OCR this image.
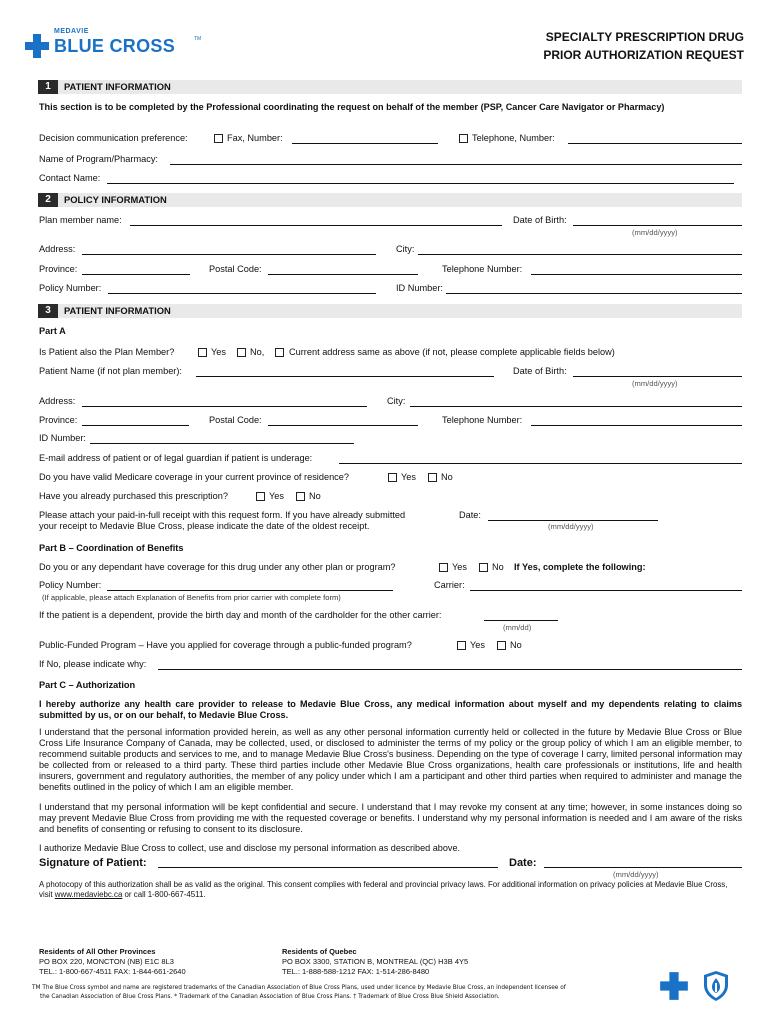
MEDAVIE
BLUE CROSS	TM	SPECIALTY PRESCRIPTION DRUG
PRIOR AUTHORIZATION REQUEST
1	PATIENT INFORMATION
This section is to be completed by the Professional coordinating the request on behalf of the member (PSP, Cancer Care Navigator or Pharmacy)
Decision communication preference:	Fax, Number:	Telephone, Number:
Name of Program/Pharmacy:
Contact Name:
2	POLICY INFORMATION
Plan member name:	Date of Birth:
(mm/dd/yyyy)
Address:	City:
Province:	Postal Code:	Telephone Number:
Policy Number:	ID Number:
3	PATIENT INFORMATION
Part A
Is Patient also the Plan Member?	Yes	No,	Current address same as above (if not, please complete applicable fields below)
Patient Name (if not plan member):	Date of Birth:
(mm/dd/yyyy)
Address:	City:
Province:	Postal Code:	Telephone Number:
ID Number:
E-mail address of patient or of legal guardian if patient is underage:
Do you have valid Medicare coverage in your current province of residence?	Yes	No
Have you already purchased this prescription?	Yes	No
Please attach your paid-in-full receipt with this request form. If you have already submitted
your receipt to Medavie Blue Cross, please indicate the date of the oldest receipt.
Date:
(mm/dd/yyyy)
Part B – Coordination of Benefits
Do you or any dependant have coverage for this drug under any other plan or program?	Yes	No If Yes, complete the following:
Policy Number:	Carrier:
(If applicable, please attach Explanation of Benefits from prior carrier with complete form)
If the patient is a dependent, provide the birth day and month of the cardholder for the other carrier:
(mm/dd)
Public-Funded Program – Have you applied for coverage through a public-funded program?	Yes	No
If No, please indicate why:
Part C – Authorization
I hereby authorize any health care provider to release to Medavie Blue Cross, any medical information about myself and my dependents relating to claims submitted by us, or on our behalf, to Medavie Blue Cross.
I understand that the personal information provided herein, as well as any other personal information currently held or collected in the future by Medavie Blue Cross or Blue Cross Life Insurance Company of Canada, may be collected, used, or disclosed to administer the terms of my policy or the group policy of which I am an eligible member, to recommend suitable products and services to me, and to manage Medavie Blue Cross's business. Depending on the type of coverage I carry, limited personal information may be collected from or released to a third party. These third parties include other Medavie Blue Cross organizations, health care professionals or institutions, life and health insurers, government and regulatory authorities, the member of any policy under which I am a participant and other third parties when required to administer and manage the benefits outlined in the policy of which I am an eligible member.
I understand that my personal information will be kept confidential and secure. I understand that I may revoke my consent at any time; however, in some instances doing so may prevent Medavie Blue Cross from providing me with the requested coverage or benefits. I understand why my personal information is needed and I am aware of the risks and benefits of consenting or refusing to consent to its disclosure.
I authorize Medavie Blue Cross to collect, use and disclose my personal information as described above.
Signature of Patient:	Date:
(mm/dd/yyyy)
A photocopy of this authorization shall be as valid as the original. This consent complies with federal and provincial privacy laws. For additional information on privacy policies at Medavie Blue Cross, visit www.medaviebc.ca or call 1-800-667-4511.
Residents of All Other Provinces
PO BOX 220, MONCTON (NB) E1C 8L3
TEL.: 1-800-667-4511 FAX: 1-844-661-2640
Residents of Quebec
PO BOX 3300, STATION B, MONTREAL (QC) H3B 4Y5
TEL.: 1-888-588-1212 FAX: 1-514-286-8480
TM The Blue Cross symbol and name are registered trademarks of the Canadian Association of Blue Cross Plans, used under licence by Medavie Blue Cross, an independent licensee of
the Canadian Association of Blue Cross Plans. * Trademark of the Canadian Association of Blue Cross Plans. † Trademark of Blue Cross Blue Shield Association.
